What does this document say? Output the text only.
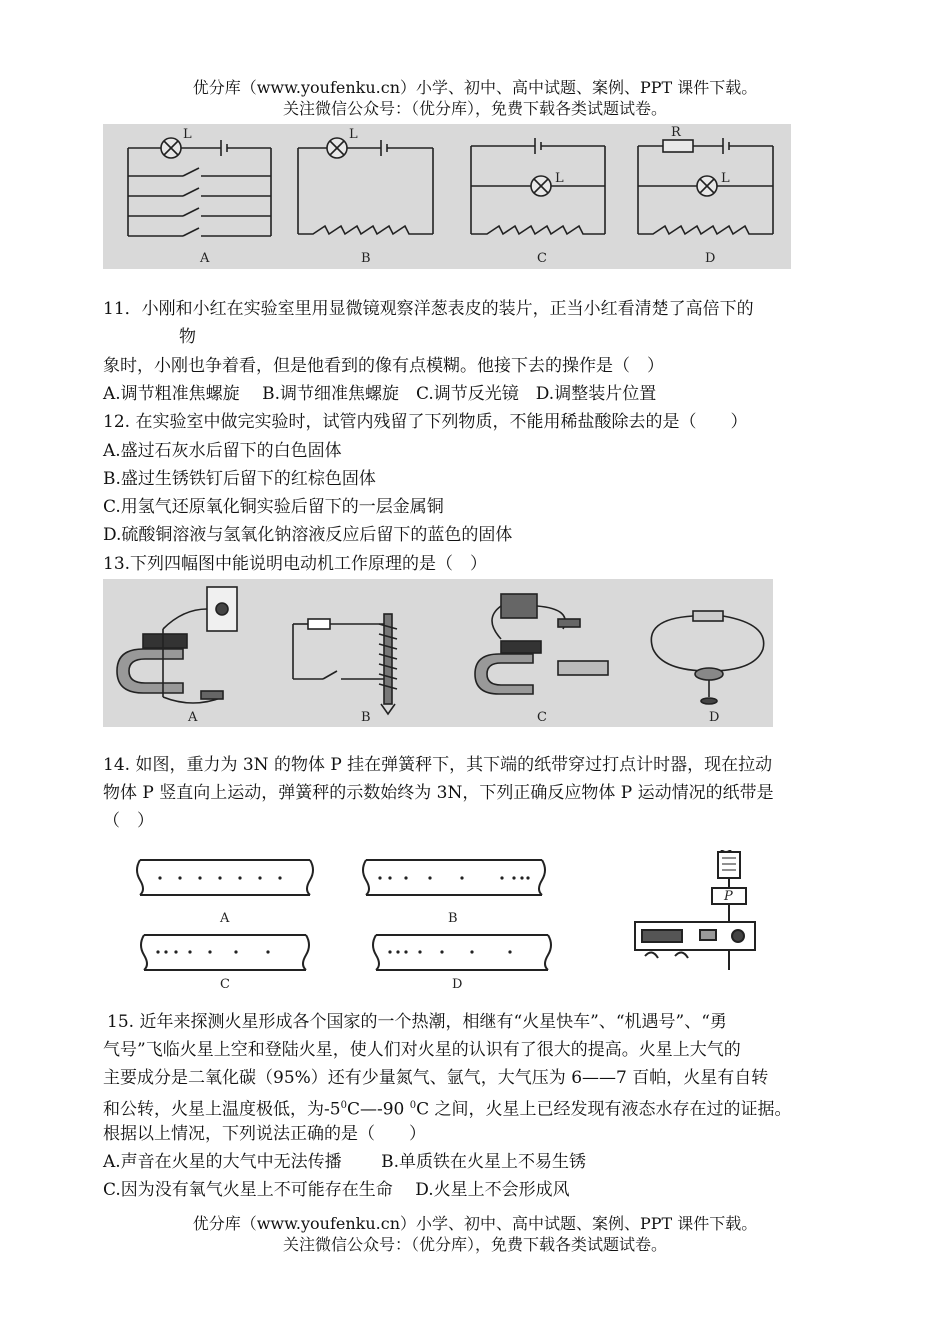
优分库（www.youfenku.cn）小学、初中、高中试题、案例、PPT 课件下载。
关注微信公众号：（优分库），免费下载各类试题试卷。
L	L
L
R
L
A	B	C	D
11．小刚和小红在实验室里用显微镜观察洋葱表皮的装片，正当小红看清楚了高倍下的
物
象时，小刚也争着看，但是他看到的像有点模糊。他接下去的操作是（　）
A.调节粗准焦螺旋　 B.调节细准焦螺旋　C.调节反光镜　D.调整装片位置
12. 在实验室中做完实验时，试管内残留了下列物质，不能用稀盐酸除去的是（　　）
A.盛过石灰水后留下的白色固体
B.盛过生锈铁钉后留下的红棕色固体
C.用氢气还原氧化铜实验后留下的一层金属铜
D.硫酸铜溶液与氢氧化钠溶液反应后留下的蓝色的固体
13.下列四幅图中能说明电动机工作原理的是（　）
A	B	C	D
14. 如图，重力为 3N 的物体 P 挂在弹簧秤下，其下端的纸带穿过打点计时器，现在拉动
物体 P 竖直向上运动，弹簧秤的示数始终为 3N，下列正确反应物体 P 运动情况的纸带是
（　）
A	B
C	D
P
15. 近年来探测火星形成各个国家的一个热潮，相继有“火星快车”、“机遇号”、“勇
气号”飞临火星上空和登陆火星，使人们对火星的认识有了很大的提高。火星上大气的
主要成分是二氧化碳（95%）还有少量氮气、氩气，大气压为 6——7 百帕，火星有自转
和公转，火星上温度极低，为$-5^0C—-90$ $^0$C 之间，火星上已经发现有液态水存在过的证据。
根据以上情况，下列说法正确的是（　　）
A.声音在火星的大气中无法传播　　 B.单质铁在火星上不易生锈
C.因为没有氧气火星上不可能存在生命　 D.火星上不会形成风
优分库（www.youfenku.cn）小学、初中、高中试题、案例、PPT 课件下载。
关注微信公众号：（优分库），免费下载各类试题试卷。
